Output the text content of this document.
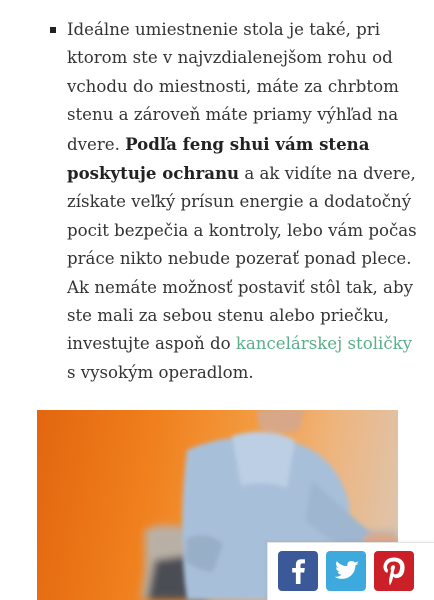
Ideálne umiestnenie stola je také, pri ktorom ste v najvzdialenejšom rohu od vchodu do miestnosti, máte za chrbtom stenu a zároveň máte priamy výhľad na dvere. Podľa feng shui vám stena poskytuje ochranu a ak vidíte na dvere, získate veľký prísun energie a dodatočný pocit bezpečia a kontroly, lebo vám počas práce nikto nebude pozerať ponad plece. Ak nemáte možnosť postaviť stôl tak, aby ste mali za sebou stenu alebo priečku, investujte aspoň do kancelárskej stoličky s vysokým operadlom.
